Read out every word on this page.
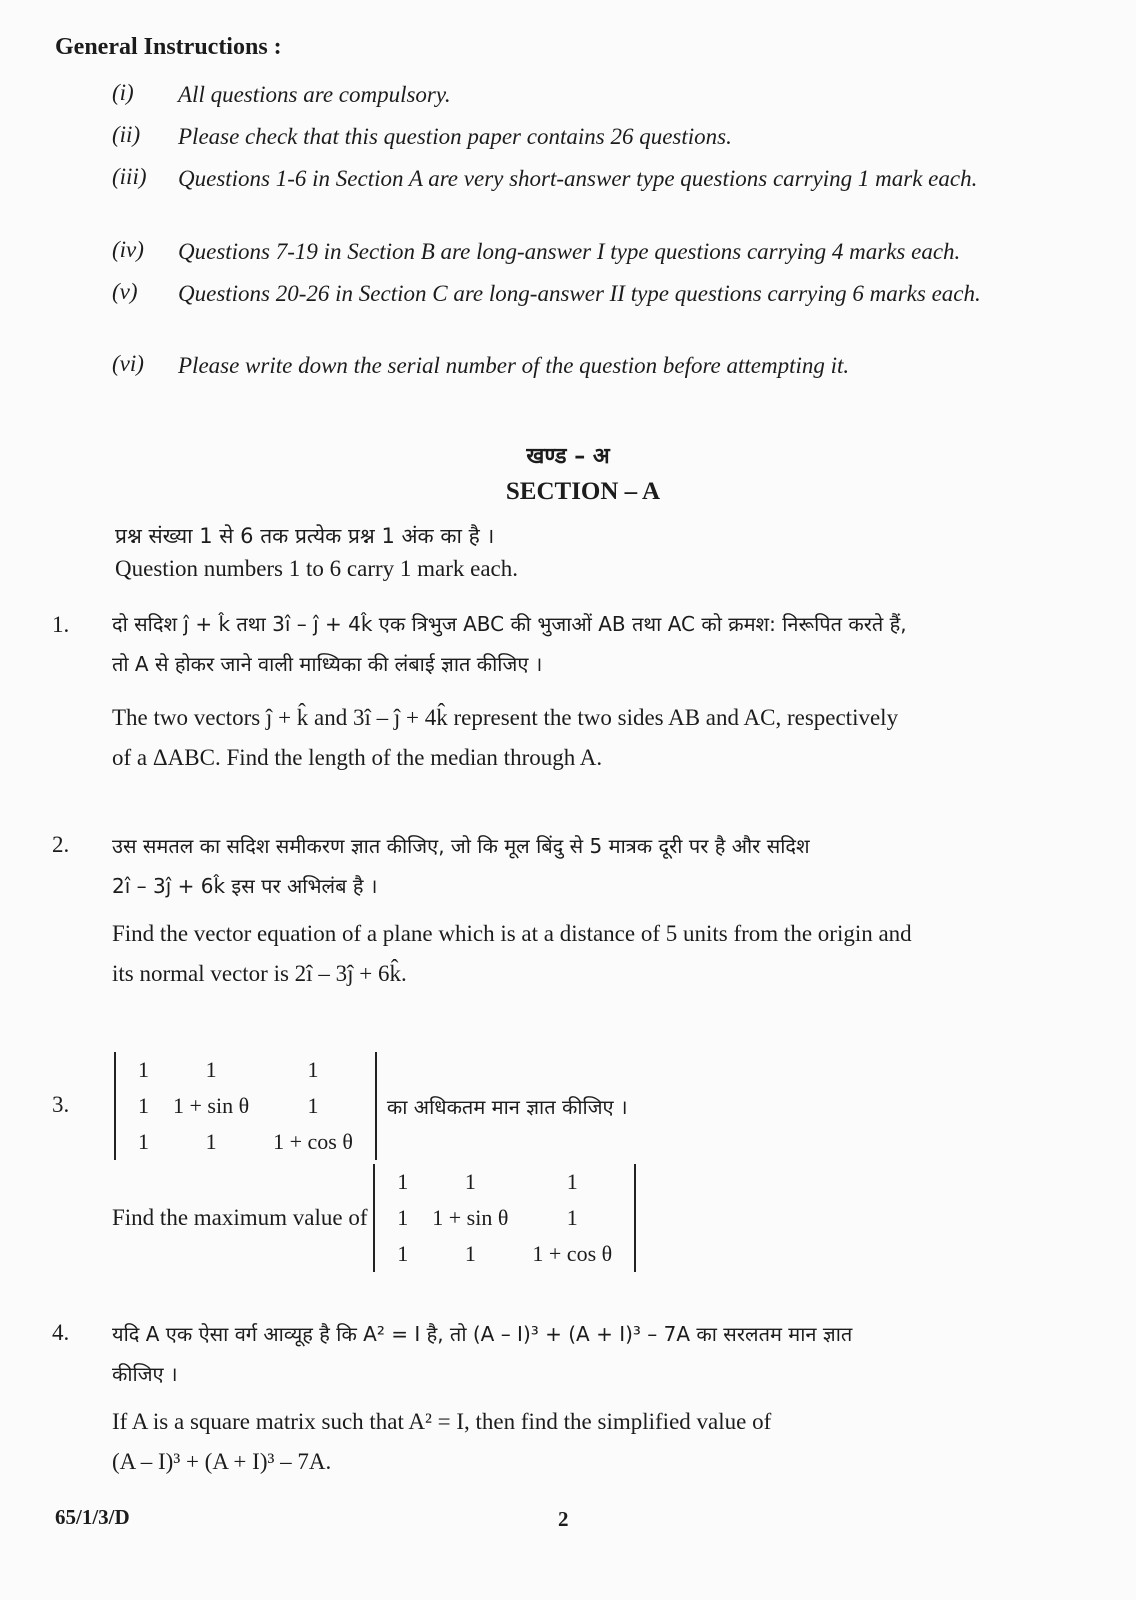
General Instructions :
(i)	All questions are compulsory.
(ii)	Please check that this question paper contains 26 questions.
(iii)	Questions 1-6 in Section A are very short-answer type questions carrying 1 mark each.
(iv)	Questions 7-19 in Section B are long-answer I type questions carrying 4 marks each.
(v)	Questions 20-26 in Section C are long-answer II type questions carrying 6 marks each.
(vi)	Please write down the serial number of the question before attempting it.
खण्ड – अ
SECTION – A
प्रश्न संख्या 1 से 6 तक प्रत्येक प्रश्न 1 अंक का है ।
Question numbers 1 to 6 carry 1 mark each.
1. दो सदिश ĵ + k̂ तथा 3î – ĵ + 4k̂ एक त्रिभुज ABC की भुजाओं AB तथा AC को क्रमश: निरूपित करते हैं,
तो A से होकर जाने वाली माध्यिका की लंबाई ज्ञात कीजिए ।
The two vectors ĵ + k̂ and 3î – ĵ + 4k̂ represent the two sides AB and AC, respectively
of a ΔABC. Find the length of the median through A.
2. उस समतल का सदिश समीकरण ज्ञात कीजिए, जो कि मूल बिंदु से 5 मात्रक दूरी पर है और सदिश
2î – 3ĵ + 6k̂ इस पर अभिलंब है ।
Find the vector equation of a plane which is at a distance of 5 units from the origin and
its normal vector is 2î – 3ĵ + 6k̂.
3.
1	1	1
1	1 + sin θ	1
1	1	1 + cos θ
का अधिकतम मान ज्ञात कीजिए ।
Find the maximum value of
1	1	1
1	1 + sin θ	1
1	1	1 + cos θ
4. यदि A एक ऐसा वर्ग आव्यूह है कि A² = I है, तो (A – I)³ + (A + I)³ – 7A का सरलतम मान ज्ञात
कीजिए ।
If A is a square matrix such that A² = I, then find the simplified value of
(A – I)³ + (A + I)³ – 7A.
65/1/3/D	2
